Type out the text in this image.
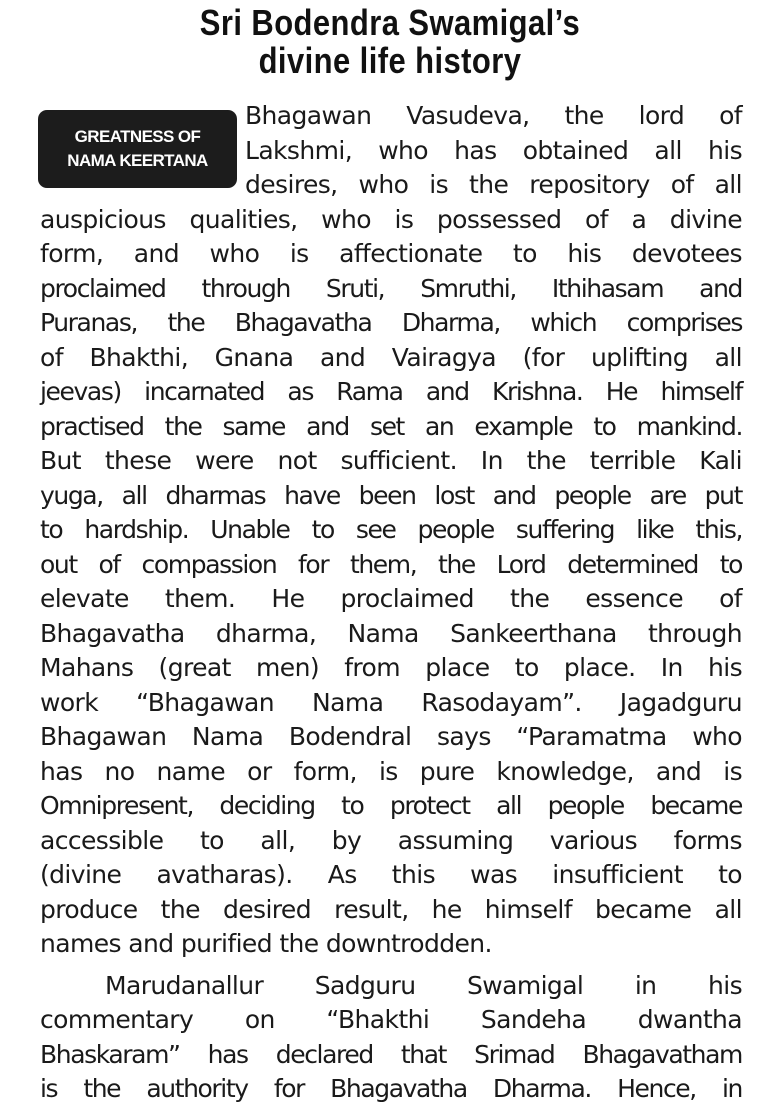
Sri Bodendra Swamigal’s
divine life history
GREATNESS OF
NAMA KEERTANA
Bhagawan Vasudeva, the lord of
Lakshmi, who has obtained all his
desires, who is the repository of all
auspicious qualities, who is possessed of a divine
form, and who is affectionate to his devotees
proclaimed through Sruti, Smruthi, Ithihasam and
Puranas, the Bhagavatha Dharma, which comprises
of Bhakthi, Gnana and Vairagya (for uplifting all
jeevas) incarnated as Rama and Krishna. He himself
practised the same and set an example to mankind.
But these were not sufficient. In the terrible Kali
yuga, all dharmas have been lost and people are put
to hardship. Unable to see people suffering like this,
out of compassion for them, the Lord determined to
elevate them. He proclaimed the essence of
Bhagavatha dharma, Nama Sankeerthana through
Mahans (great men) from place to place. In his
work “Bhagawan Nama Rasodayam”. Jagadguru
Bhagawan Nama Bodendral says “Paramatma who
has no name or form, is pure knowledge, and is
Omnipresent, deciding to protect all people became
accessible to all, by assuming various forms
(divine avatharas). As this was insufficient to
produce the desired result, he himself became all
names and purified the downtrodden.
Marudanallur Sadguru Swamigal in his
commentary on “Bhakthi Sandeha dwantha
Bhaskaram” has declared that Srimad Bhagavatham
is the authority for Bhagavatha Dharma. Hence, in
